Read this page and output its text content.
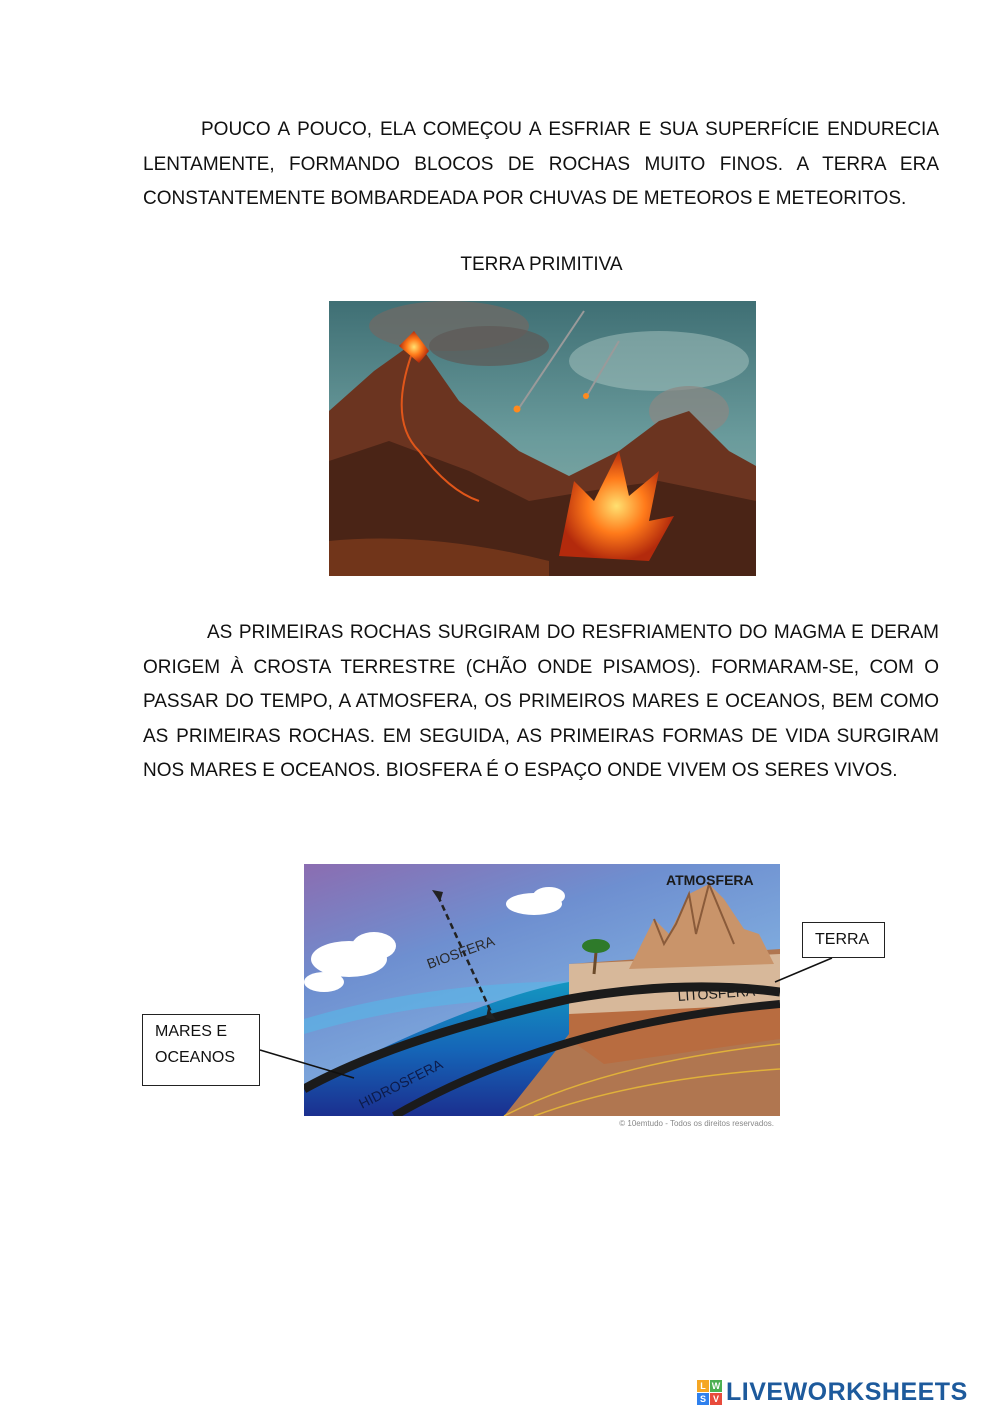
POUCO A POUCO, ELA COMEÇOU A ESFRIAR E SUA SUPERFÍCIE ENDURECIA LENTAMENTE, FORMANDO BLOCOS DE ROCHAS MUITO FINOS. A TERRA ERA CONSTANTEMENTE BOMBARDEADA POR CHUVAS DE METEOROS E METEORITOS.

TERRA PRIMITIVA

AS PRIMEIRAS ROCHAS SURGIRAM DO RESFRIAMENTO DO MAGMA E DERAM ORIGEM À CROSTA TERRESTRE (CHÃO ONDE PISAMOS). FORMARAM-SE, COM O PASSAR DO TEMPO, A ATMOSFERA, OS PRIMEIROS MARES E OCEANOS, BEM COMO AS PRIMEIRAS ROCHAS. EM SEGUIDA, AS PRIMEIRAS FORMAS DE VIDA SURGIRAM NOS MARES E OCEANOS. BIOSFERA É O ESPAÇO ONDE VIVEM OS SERES VIVOS.

ATMOSFERA
BIOSFERA
LITOSFERA
HIDROSFERA
© 10emtudo - Todos os direitos reservados.
TERRA
MARES E
OCEANOS
L W
S V LIVEWORKSHEETS
